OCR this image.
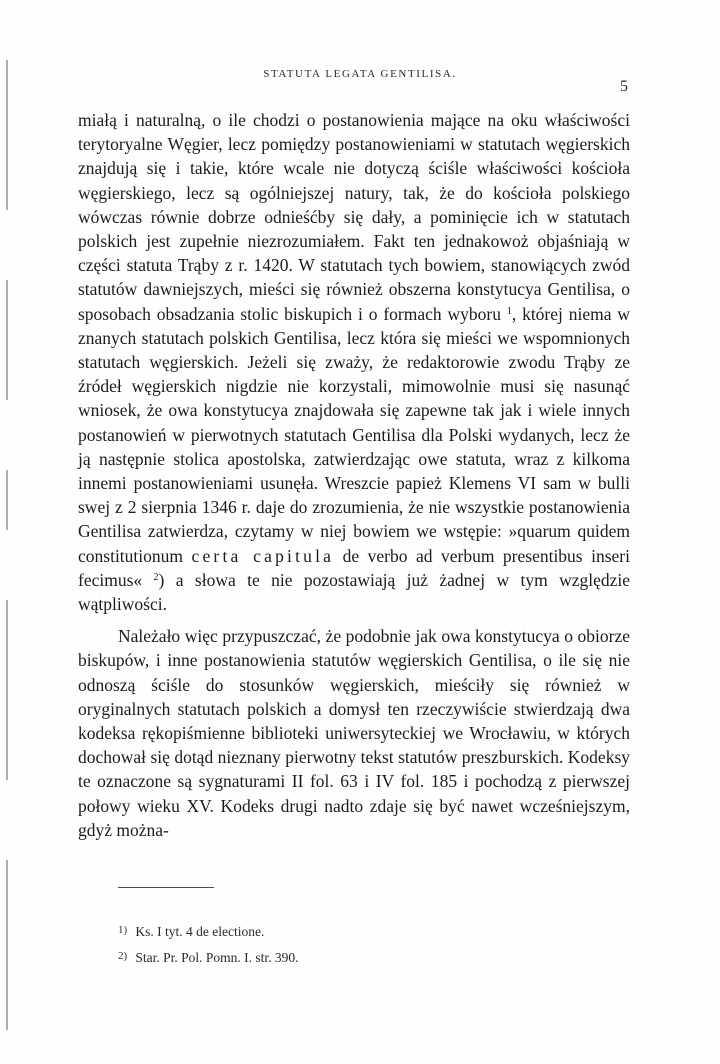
STATUTA LEGATA GENTILISA.
5

miałą i naturalną, o ile chodzi o postanowienia mające na oku właściwości terytoryalne Węgier, lecz pomiędzy postanowieniami w statutach węgierskich znajdują się i takie, które wcale nie dotyczą ściśle właściwości kościoła węgierskiego, lecz są ogólniejszej natury, tak, że do kościoła polskiego wówczas równie dobrze odnieśćby się dały, a pominięcie ich w statutach polskich jest zupełnie niezrozumiałem. Fakt ten jednakowoż objaśniają w części statuta Trąby z r. 1420. W statutach tych bowiem, stanowiących zwód statutów dawniejszych, mieści się również obszerna konstytucya Gentilisa, o sposobach obsadzania stolic biskupich i o formach wyboru $^1$, której niema w znanych statutach polskich Gentilisa, lecz która się mieści we wspomnionych statutach węgierskich. Jeżeli się zważy, że redaktorowie zwodu Trąby ze źródeł węgierskich nigdzie nie korzystali, mimowolnie musi się nasunąć wniosek, że owa konstytucya znajdowała się zapewne tak jak i wiele innych postanowień w pierwotnych statutach Gentilisa dla Polski wydanych, lecz że ją następnie stolica apostolska, zatwierdzając owe statuta, wraz z kilkoma innemi postanowieniami usunęła. Wreszcie papież Klemens VI sam w bulli swej z 2 sierpnia 1346 r. daje do zrozumienia, że nie wszystkie postanowienia Gentilisa zatwierdza, czytamy w niej bowiem we wstępie: »quarum quidem constitutionum certa capitula de verbo ad verbum presentibus inseri fecimus« $^2$) a słowa te nie pozostawiają już żadnej w tym względzie wątpliwości.

Należało więc przypuszczać, że podobnie jak owa konstytucya o obiorze biskupów, i inne postanowienia statutów węgierskich Gentilisa, o ile się nie odnoszą ściśle do stosunków węgierskich, mieściły się również w oryginalnych statutach polskich a domysł ten rzeczywiście stwierdzają dwa kodeksa rękopiśmienne biblioteki uniwersyteckiej we Wrocławiu, w których dochował się dotąd nieznany pierwotny tekst statutów preszburskich. Kodeksy te oznaczone są sygnaturami II fol. 63 i IV fol. 185 i pochodzą z pierwszej połowy wieku XV. Kodeks drugi nadto zdaje się być nawet wcześniejszym, gdyż można-

1) Ks. I tyt. 4 de electione.
2) Star. Pr. Pol. Pomn. I. str. 390.
